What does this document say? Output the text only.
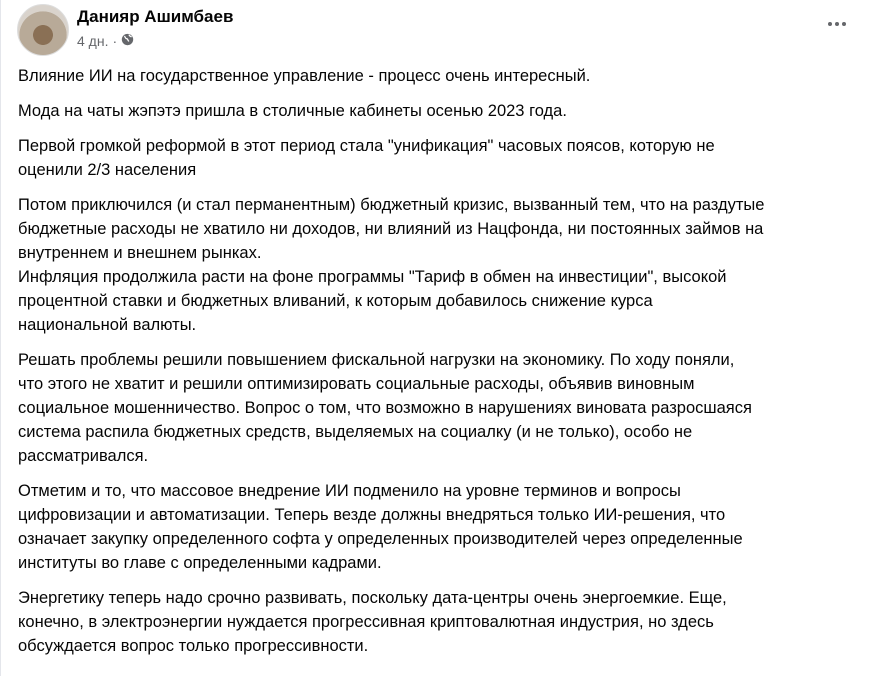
Данияр Ашимбаев
4 дн. ·
Влияние ИИ на государственное управление - процесс очень интересный.
Мода на чаты жэпэтэ пришла в столичные кабинеты осенью 2023 года.
Первой громкой реформой в этот период стала "унификация" часовых поясов, которую не
оценили 2/3 населения
Потом приключился (и стал перманентным) бюджетный кризис, вызванный тем, что на раздутые
бюджетные расходы не хватило ни доходов, ни влияний из Нацфонда, ни постоянных займов на
внутреннем и внешнем рынках.
Инфляция продолжила расти на фоне программы "Тариф в обмен на инвестиции", высокой
процентной ставки и бюджетных вливаний, к которым добавилось снижение курса
национальной валюты.
Решать проблемы решили повышением фискальной нагрузки на экономику. По ходу поняли,
что этого не хватит и решили оптимизировать социальные расходы, объявив виновным
социальное мошенничество. Вопрос о том, что возможно в нарушениях виновата разросшаяся
система распила бюджетных средств, выделяемых на социалку (и не только), особо не
рассматривался.
Отметим и то, что массовое внедрение ИИ подменило на уровне терминов и вопросы
цифровизации и автоматизации. Теперь везде должны внедряться только ИИ-решения, что
означает закупку определенного софта у определенных производителей через определенные
институты во главе с определенными кадрами.
Энергетику теперь надо срочно развивать, поскольку дата-центры очень энергоемкие. Еще,
конечно, в электроэнергии нуждается прогрессивная криптовалютная индустрия, но здесь
обсуждается вопрос только прогрессивности.
